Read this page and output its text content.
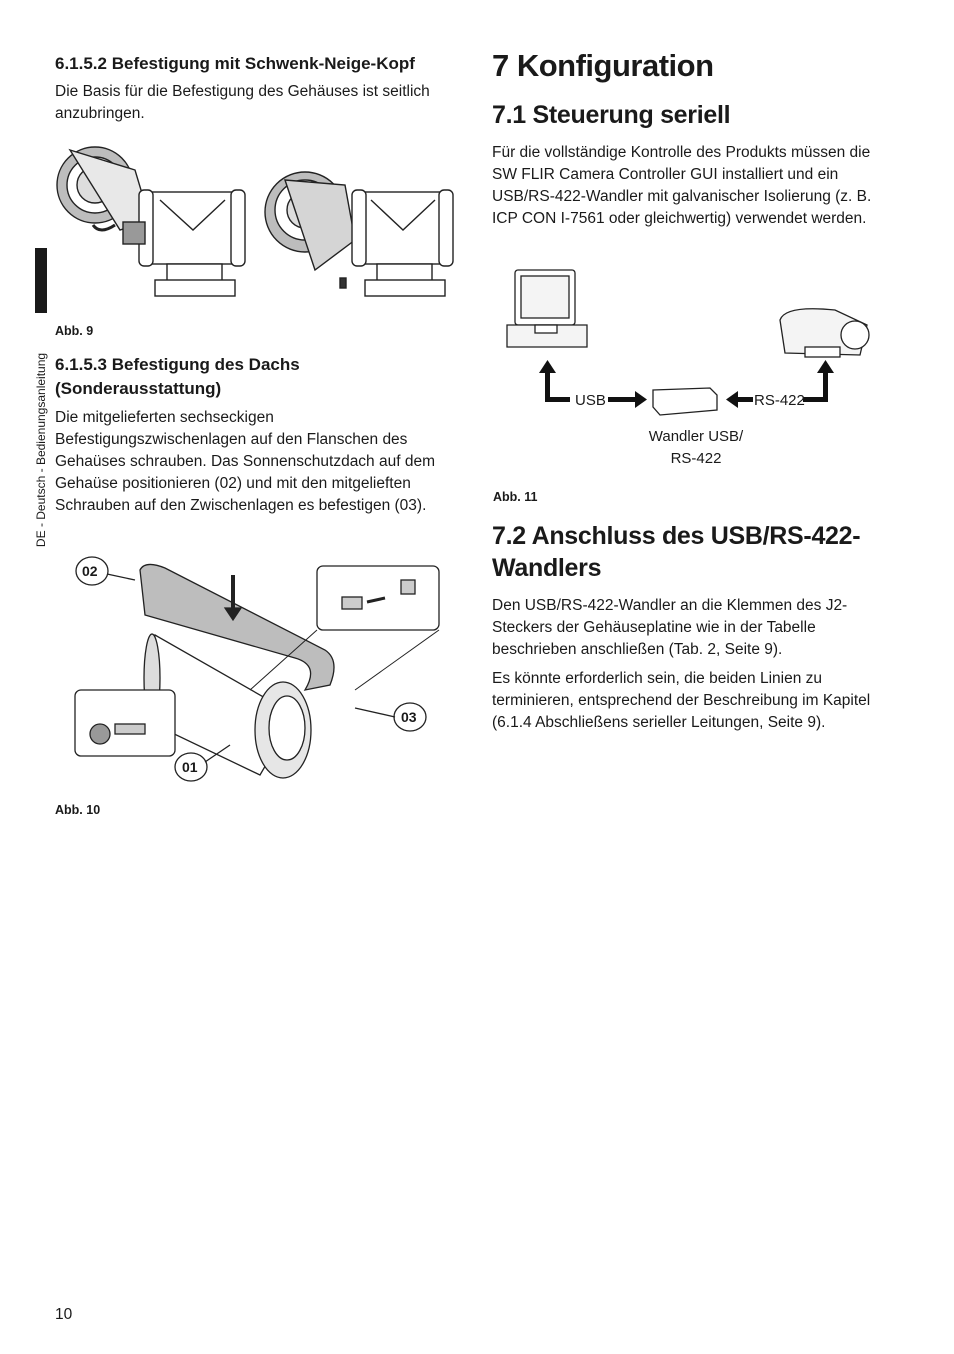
DE - Deutsch - Bedienungsanleitung
6.1.5.2 Befestigung mit Schwenk-Neige-Kopf
Die Basis für die Befestigung des Gehäuses ist seitlich anzubringen.
Abb. 9
6.1.5.3 Befestigung des Dachs
(Sonderausstattung)
Die mitgelieferten sechseckigen Befestigungszwischenlagen auf den Flanschen des Gehaüses schrauben. Das Sonnenschutzdach auf dem Gehaüse positionieren (02) und mit den mitgelieften Schrauben auf den Zwischenlagen es befestigen (03).
02
03
01
Abb. 10
7 Konfiguration
7.1 Steuerung seriell
Für die vollständige Kontrolle des Produkts müssen die SW FLIR Camera Controller GUI installiert und ein USB/RS-422-Wandler mit galvanischer Isolierung (z. B. ICP CON I-7561 oder gleichwertig) verwendet werden.
USB	RS-422
Wandler USB/
RS-422
Abb. 11
7.2 Anschluss des USB/RS-422-
Wandlers
Den USB/RS-422-Wandler an die Klemmen des J2-Steckers der Gehäuseplatine wie in der Tabelle beschrieben anschließen (Tab. 2, Seite 9).
Es könnte erforderlich sein, die beiden Linien zu terminieren, entsprechend der Beschreibung im Kapitel (6.1.4 Abschließens serieller Leitungen, Seite 9).
10
